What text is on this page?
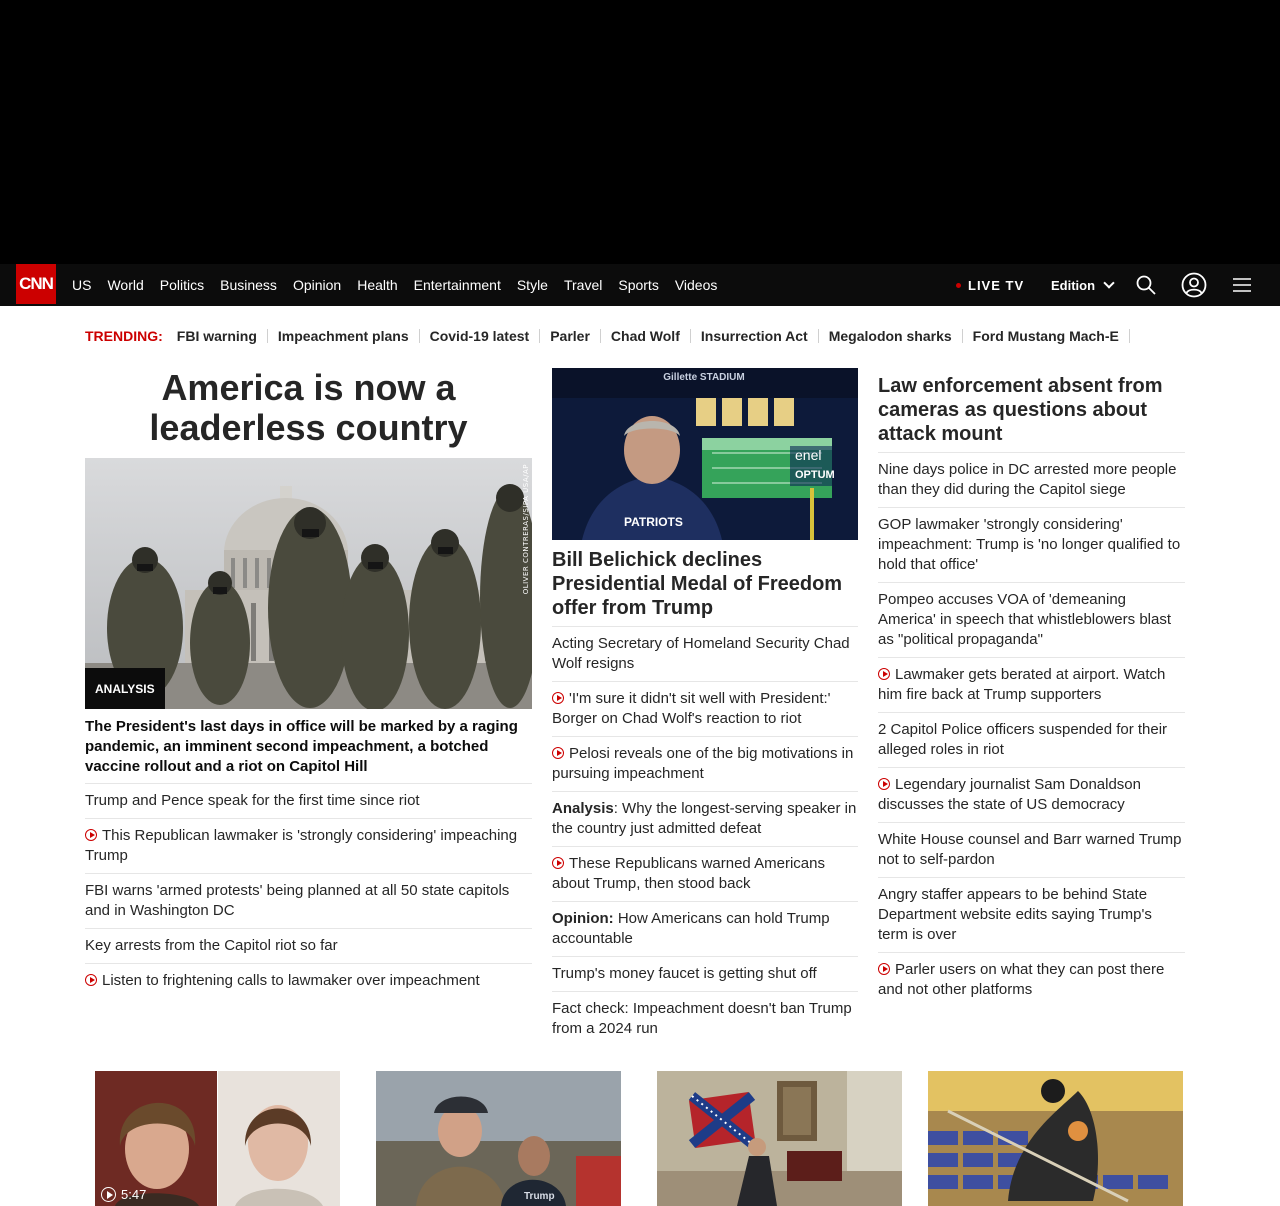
CNN	US	World	Politics	Business	Opinion	Health	Entertainment	Style	Travel	Sports	Videos	LIVE TV Edition
TRENDING:	FBI warning	Impeachment plans	Covid-19 latest	Parler	Chad Wolf	Insurrection Act	Megalodon sharks	Ford Mustang Mach-E
America is now a leaderless country
OLIVER CONTRERAS/SIPA USA/AP
ANALYSIS
The President's last days in office will be marked by a raging pandemic, an imminent second impeachment, a botched vaccine rollout and a riot on Capitol Hill
Trump and Pence speak for the first time since riot
This Republican lawmaker is 'strongly considering' impeaching Trump
FBI warns 'armed protests' being planned at all 50 state capitols and in Washington DC
Key arrests from the Capitol riot so far
Listen to frightening calls to lawmaker over impeachment
Gillette STADIUM
enel
OPTUM
PATRIOTS
Bill Belichick declines Presidential Medal of Freedom offer from Trump
Acting Secretary of Homeland Security Chad Wolf resigns
'I'm sure it didn't sit well with President:' Borger on Chad Wolf's reaction to riot
Pelosi reveals one of the big motivations in pursuing impeachment
Analysis: Why the longest-serving speaker in the country just admitted defeat
These Republicans warned Americans about Trump, then stood back
Opinion: How Americans can hold Trump accountable
Trump's money faucet is getting shut off
Fact check: Impeachment doesn't ban Trump from a 2024 run
Law enforcement absent from cameras as questions about attack mount
Nine days police in DC arrested more people than they did during the Capitol siege
GOP lawmaker 'strongly considering' impeachment: Trump is 'no longer qualified to hold that office'
Pompeo accuses VOA of 'demeaning America' in speech that whistleblowers blast as "political propaganda"
Lawmaker gets berated at airport. Watch him fire back at Trump supporters
2 Capitol Police officers suspended for their alleged roles in riot
Legendary journalist Sam Donaldson discusses the state of US democracy
White House counsel and Barr warned Trump not to self-pardon
Angry staffer appears to be behind State Department website edits saying Trump's term is over
Parler users on what they can post there and not other platforms
5:47	Trump
